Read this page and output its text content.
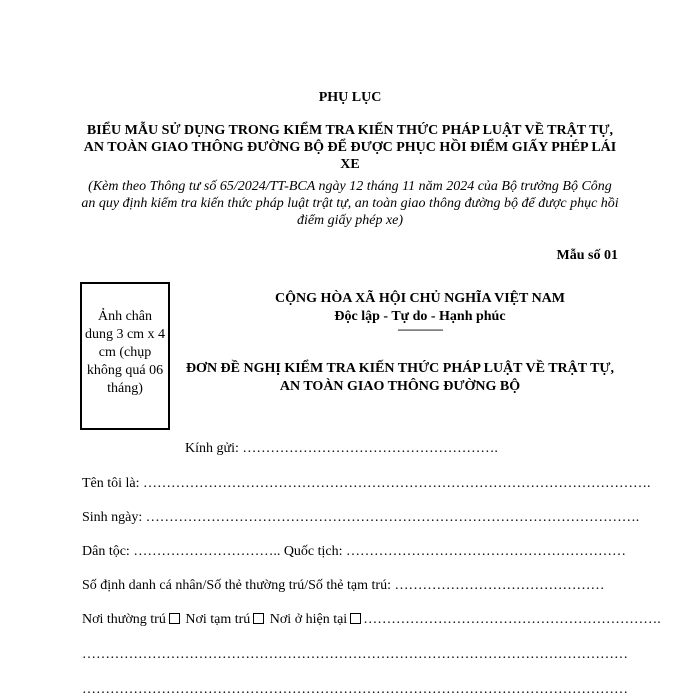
PHỤ LỤC
BIỂU MẪU SỬ DỤNG TRONG KIỂM TRA KIẾN THỨC PHÁP LUẬT VỀ TRẬT TỰ, AN TOÀN GIAO THÔNG ĐƯỜNG BỘ ĐỂ ĐƯỢC PHỤC HỒI ĐIỂM GIẤY PHÉP LÁI XE
(Kèm theo Thông tư số 65/2024/TT-BCA ngày 12 tháng 11 năm 2024 của Bộ trưởng Bộ Công an quy định kiểm tra kiến thức pháp luật trật tự, an toàn giao thông đường bộ để được phục hồi điểm giấy phép xe)
Mẫu số 01
Ảnh chân dung 3 cm x 4 cm (chụp không quá 06 tháng)
CỘNG HÒA XÃ HỘI CHỦ NGHĨA VIỆT NAM
Độc lập - Tự do - Hạnh phúc
---------------
ĐƠN ĐỀ NGHỊ KIỂM TRA KIẾN THỨC PHÁP LUẬT VỀ TRẬT TỰ, AN TOÀN GIAO THÔNG ĐƯỜNG BỘ
Kính gửi: ……………………………………………….
Tên tôi là: ……………………………………………………………………………………………….
Sinh ngày: …………………………………………………………………………………………….
Dân tộc: ………………………….. Quốc tịch: ……………………………………………………
Số định danh cá nhân/Số thẻ thường trú/Số thẻ tạm trú: ………………………………………
Nơi thường trú Nơi tạm trú Nơi ở hiện tại ……………………………………………………….
………………………………………………………………………………………………………
………………………………………………………………………………………………………
